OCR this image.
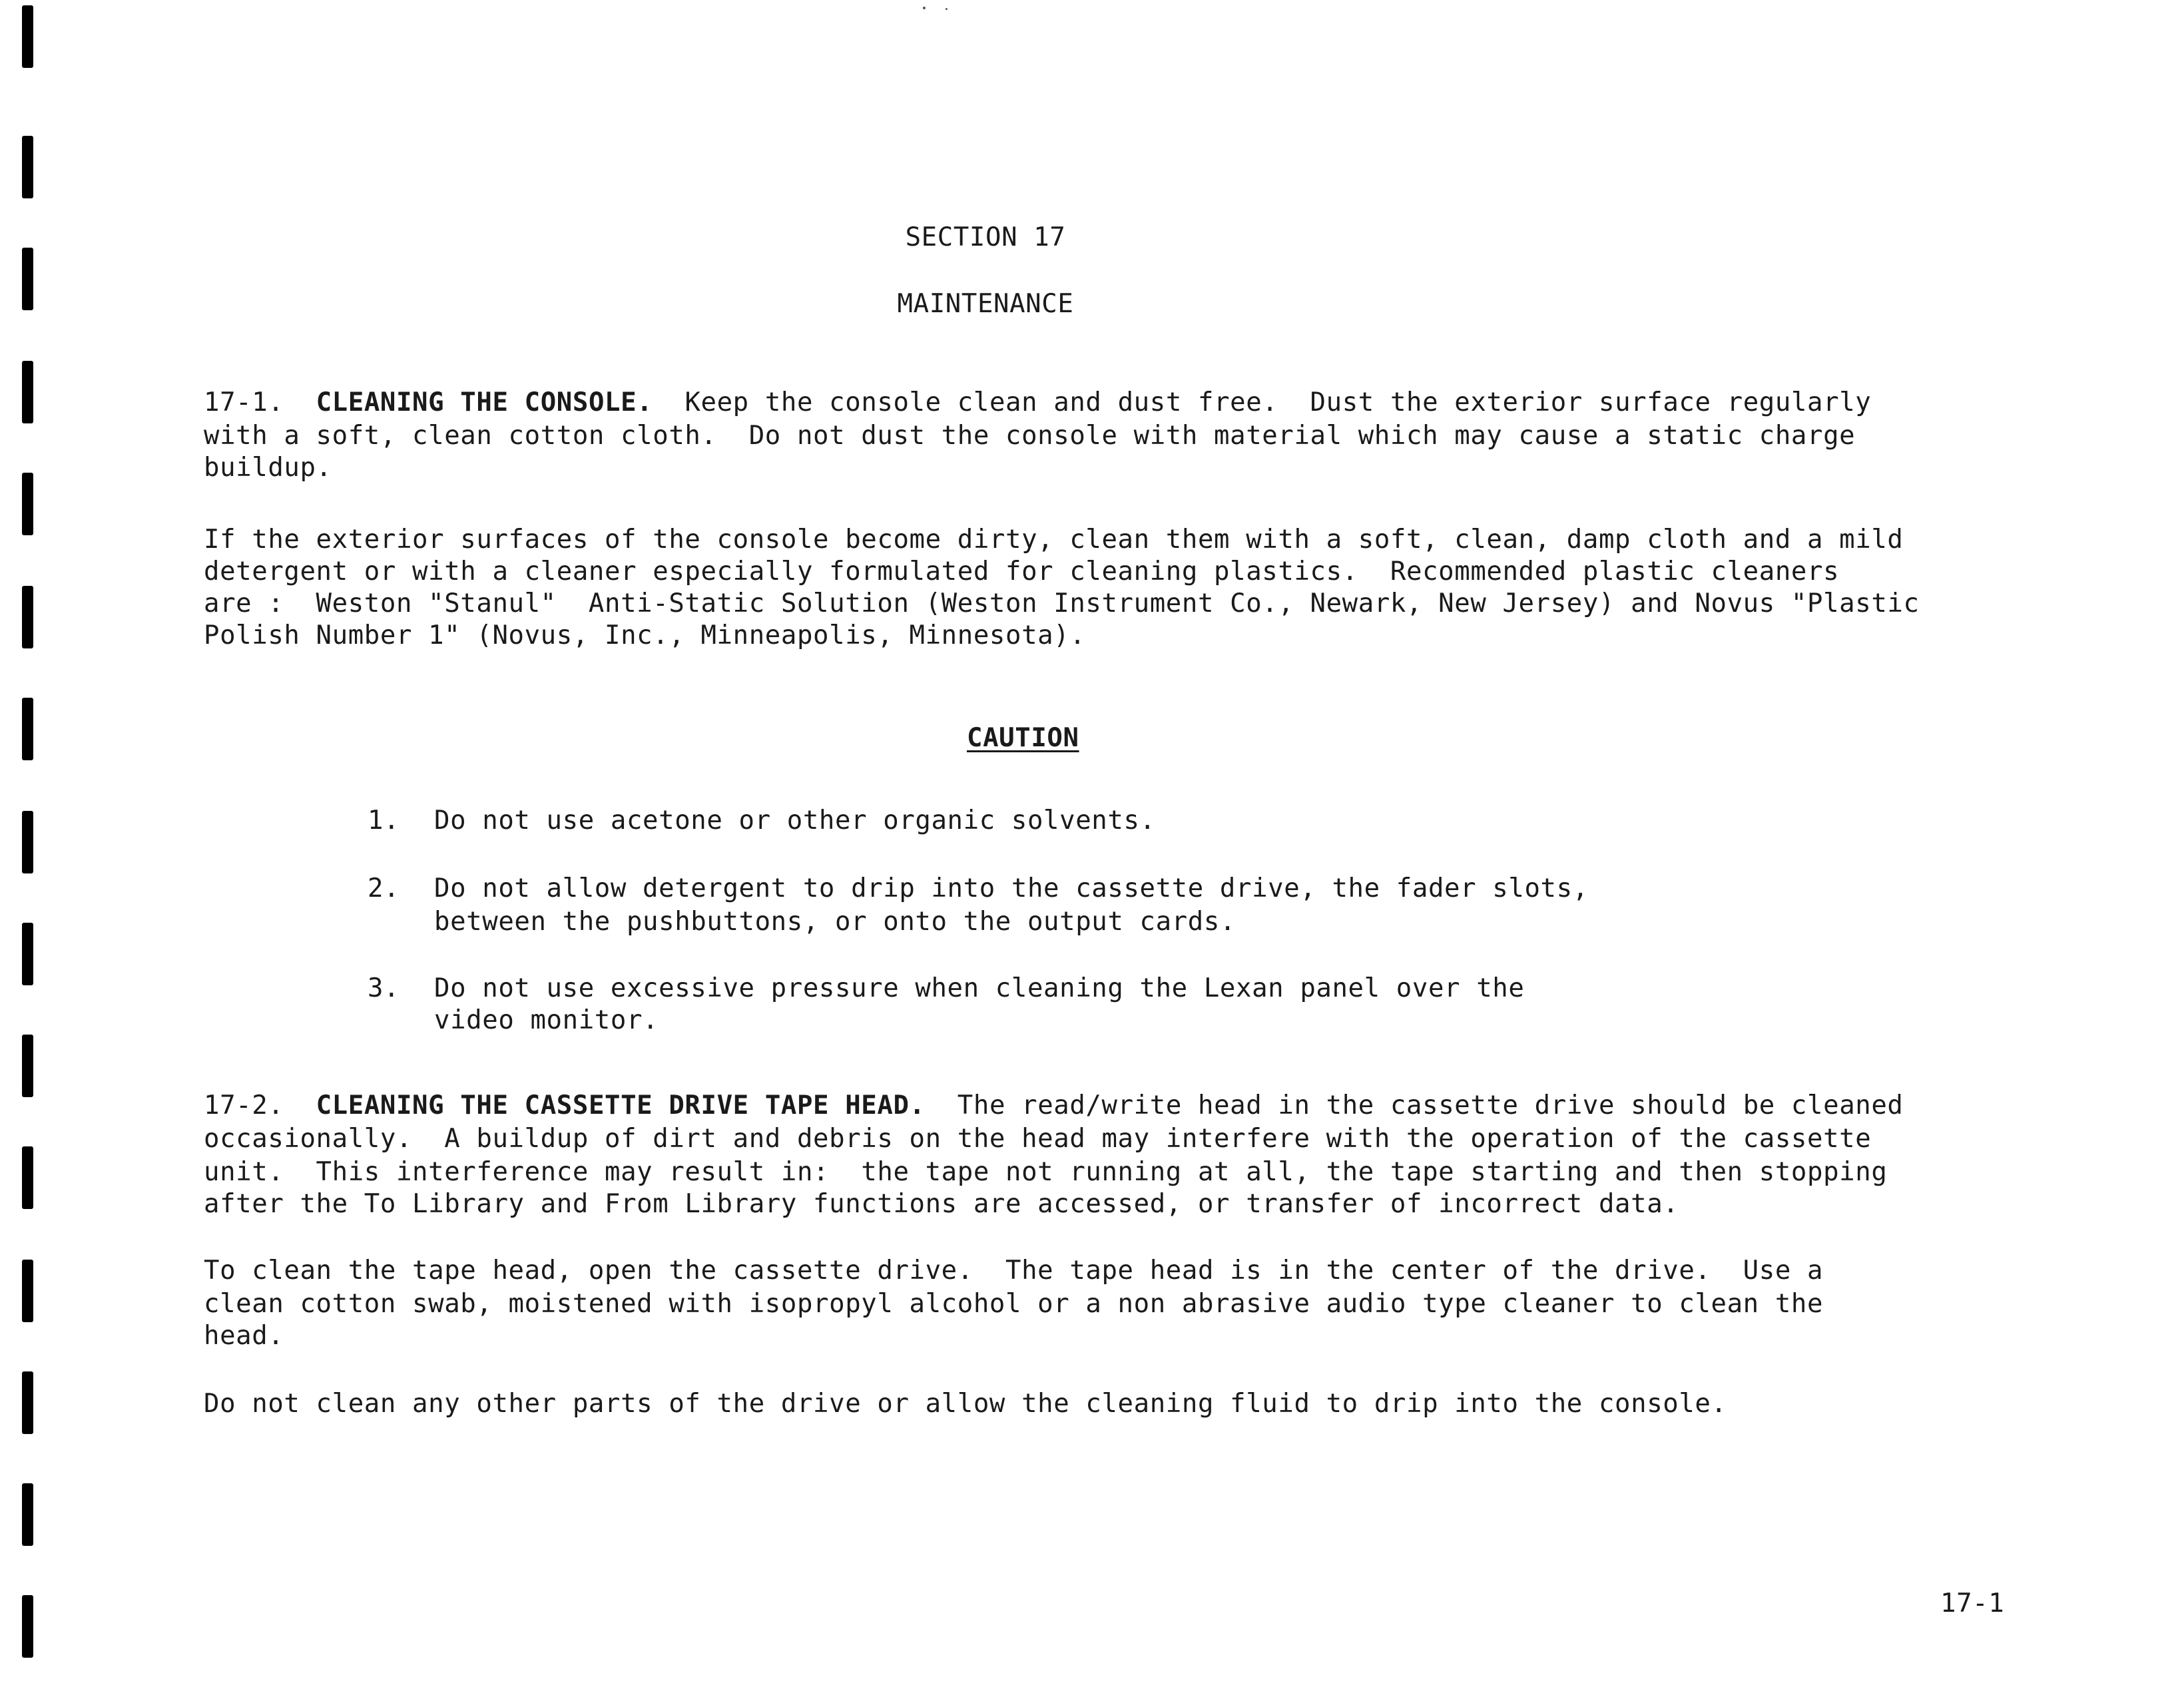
SECTION 17
MAINTENANCE
17-1. CLEANING THE CONSOLE. Keep the console clean and dust free.  Dust the exterior surface regularly
with a soft, clean cotton cloth.  Do not dust the console with material which may cause a static charge
buildup.
If the exterior surfaces of the console become dirty, clean them with a soft, clean, damp cloth and a mild
detergent or with a cleaner especially formulated for cleaning plastics.  Recommended plastic cleaners
are :  Weston "Stanul"  Anti-Static Solution (Weston Instrument Co., Newark, New Jersey) and Novus "Plastic
Polish Number 1" (Novus, Inc., Minneapolis, Minnesota).
CAUTION
1. Do not use acetone or other organic solvents.
2. Do not allow detergent to drip into the cassette drive, the fader slots,
between the pushbuttons, or onto the output cards.
3. Do not use excessive pressure when cleaning the Lexan panel over the
video monitor.
17-2. CLEANING THE CASSETTE DRIVE TAPE HEAD. The read/write head in the cassette drive should be cleaned
occasionally.  A buildup of dirt and debris on the head may interfere with the operation of the cassette
unit.  This interference may result in:  the tape not running at all, the tape starting and then stopping
after the To Library and From Library functions are accessed, or transfer of incorrect data.
To clean the tape head, open the cassette drive.  The tape head is in the center of the drive.  Use a
clean cotton swab, moistened with isopropyl alcohol or a non abrasive audio type cleaner to clean the
head.
Do not clean any other parts of the drive or allow the cleaning fluid to drip into the console.
17-1
